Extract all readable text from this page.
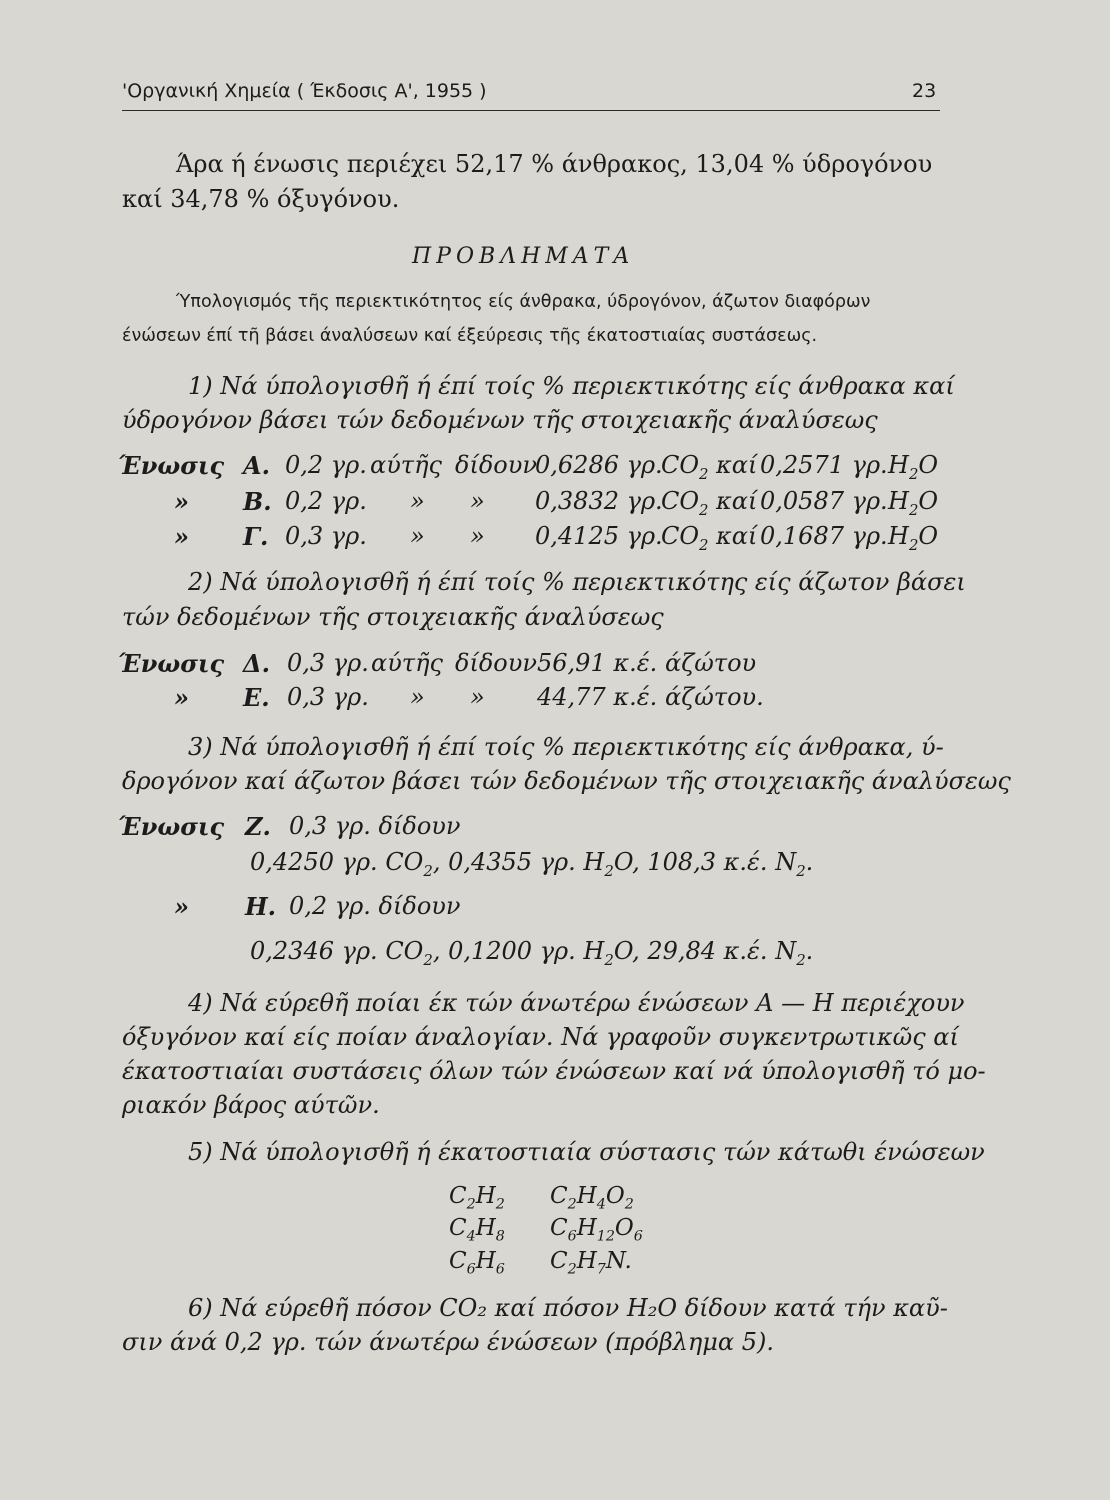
'Οργανική Χημεία ( Έκδοσις Α', 1955 )	23
Άρα ή ένωσις περιέχει 52,17 % άνθρακος, 13,04 % ύδρογόνου
καί 34,78 % όξυγόνου.
ΠΡΟΒΛΗΜΑΤΑ
Ύπολογισμός τῆς περιεκτικότητος είς άνθρακα, ύδρογόνον, άζωτον διαφόρων
ένώσεων έπί τῆ βάσει άναλύσεων καί έξεύρεσις τῆς έκατοστιαίας συστάσεως.
1) Νά ύπολογισθῆ ή έπί τοίς % περιεκτικότης είς άνθρακα καί
ύδρογόνον βάσει τών δεδομένων τῆς στοιχειακῆς άναλύσεως
Ένωσις Α. 0,2 γρ. αύτῆς δίδουν
0,6286 γρ.
$CO_2$ καί 0,2571 γρ. $H_2O$
» Β. 0,2 γρ. » » 0,3832 γρ.
$CO_2$ καί 0,0587 γρ. $H_2O$
» Γ. 0,3 γρ. » » 0,4125 γρ.
$CO_2$ καί 0,1687 γρ. $H_2O$
2) Νά ύπολογισθῆ ή έπί τοίς % περιεκτικότης είς άζωτον βάσει
τών δεδομένων τῆς στοιχειακῆς άναλύσεως
Ένωσις Δ. 0,3 γρ. αύτῆς δίδουν 56,91 κ.έ. άζώτου
» Ε. 0,3 γρ. » » 44,77 κ.έ. άζώτου.
3) Νά ύπολογισθῆ ή έπί τοίς % περιεκτικότης είς άνθρακα, ύ-
δρογόνον καί άζωτον βάσει τών δεδομένων τῆς στοιχειακῆς άναλύσεως
Ένωσις Ζ. 0,3 γρ. δίδουν
0,4250 γρ. $CO_2$, 0,4355 γρ. $H_2O$, 108,3 κ.έ. $N_2$.
» Η. 0,2 γρ. δίδουν
0,2346 γρ. $CO_2$, 0,1200 γρ. $H_2O$, 29,84 κ.έ. $N_2$.
4) Νά εύρεθῆ ποίαι έκ τών άνωτέρω ένώσεων Α — Η περιέχουν
όξυγόνον καί είς ποίαν άναλογίαν. Νά γραφοῦν συγκεντρωτικῶς αί
έκατοστιαίαι συστάσεις όλων τών ένώσεων καί νά ύπολογισθῆ τό μο-
ριακόν βάρος αύτῶν.
5) Νά ύπολογισθῆ ή έκατοστιαία σύστασις τών κάτωθι ένώσεων
$C_2H_2$ $C_2H_4O_2$
$C_4H_8$ $C_6H_{12}O_6$
$C_6H_6$ $C_2H_7N$.
6) Νά εύρεθῆ πόσον CO₂ καί πόσον H₂O δίδουν κατά τήν καῦ-
σιν άνά 0,2 γρ. τών άνωτέρω ένώσεων (πρόβλημα 5).
